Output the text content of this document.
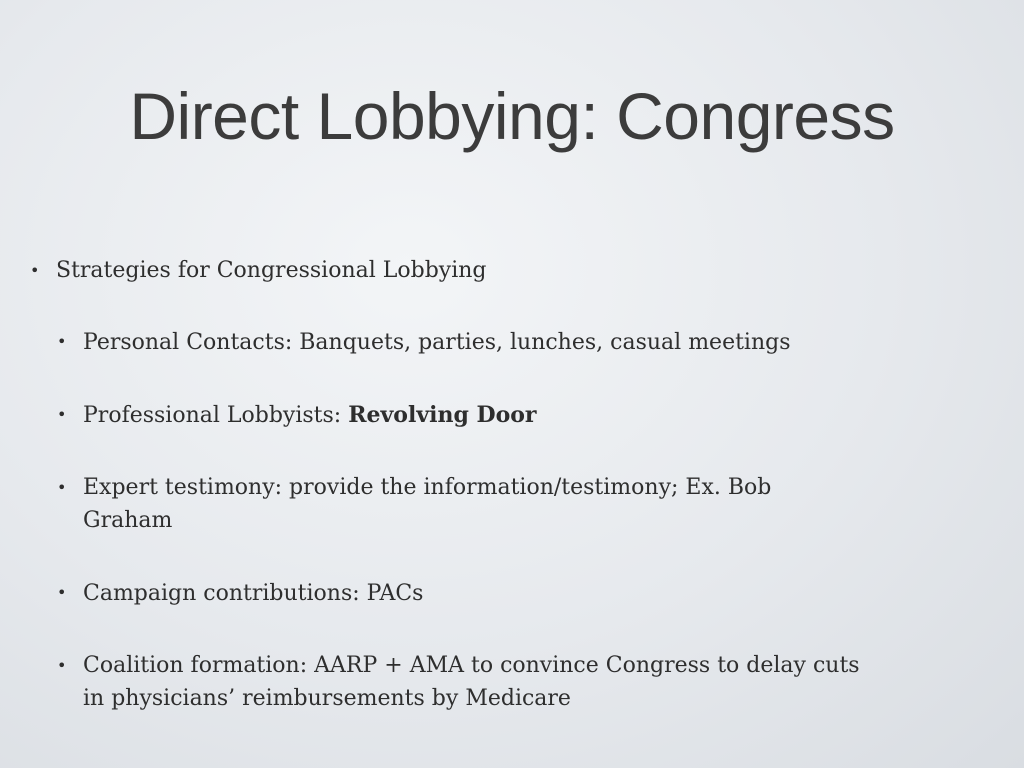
Direct Lobbying: Congress
• Strategies for Congressional Lobbying
• Personal Contacts: Banquets, parties, lunches, casual meetings
• Professional Lobbyists: Revolving Door
• Expert testimony: provide the information/testimony; Ex. Bob Graham
• Campaign contributions: PACs
• Coalition formation: AARP + AMA to convince Congress to delay cuts in physicians’ reimbursements by Medicare
